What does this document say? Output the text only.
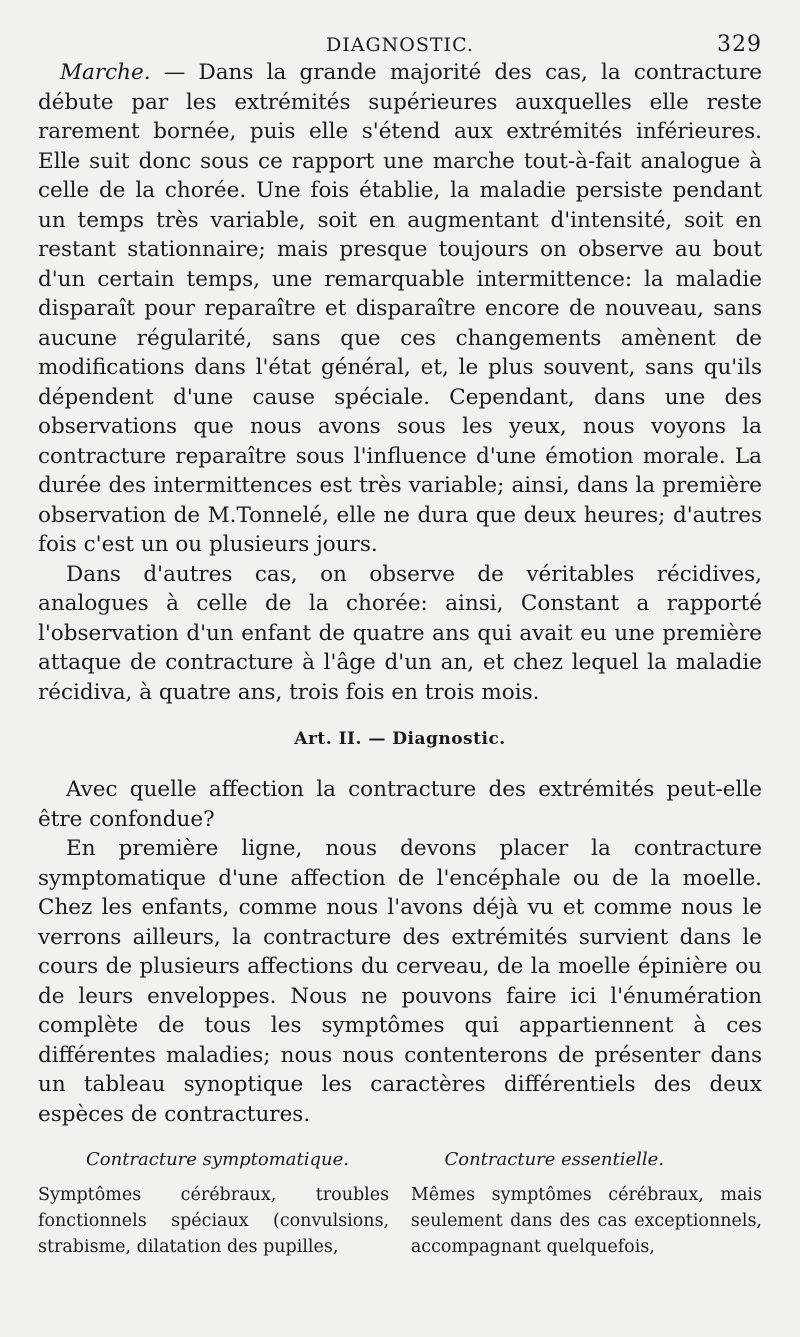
DIAGNOSTIC.	329

Marche. — Dans la grande majorité des cas, la contracture débute par les extrémités supérieures auxquelles elle reste rarement bornée, puis elle s'étend aux extrémités inférieures. Elle suit donc sous ce rapport une marche tout-à-fait analogue à celle de la chorée. Une fois établie, la maladie persiste pendant un temps très variable, soit en augmentant d'intensité, soit en restant stationnaire; mais presque toujours on observe au bout d'un certain temps, une remarquable intermittence: la maladie disparaît pour reparaître et disparaître encore de nouveau, sans aucune régularité, sans que ces changements amènent de modifications dans l'état général, et, le plus souvent, sans qu'ils dépendent d'une cause spéciale. Cependant, dans une des observations que nous avons sous les yeux, nous voyons la contracture reparaître sous l'influence d'une émotion morale. La durée des intermittences est très variable; ainsi, dans la première observation de M.Tonnelé, elle ne dura que deux heures; d'autres fois c'est un ou plusieurs jours.

Dans d'autres cas, on observe de véritables récidives, analogues à celle de la chorée: ainsi, Constant a rapporté l'observation d'un enfant de quatre ans qui avait eu une première attaque de contracture à l'âge d'un an, et chez lequel la maladie récidiva, à quatre ans, trois fois en trois mois.

Art. II. — Diagnostic.

Avec quelle affection la contracture des extrémités peut-elle être confondue?

En première ligne, nous devons placer la contracture symptomatique d'une affection de l'encéphale ou de la moelle. Chez les enfants, comme nous l'avons déjà vu et comme nous le verrons ailleurs, la contracture des extrémités survient dans le cours de plusieurs affections du cerveau, de la moelle épinière ou de leurs enveloppes. Nous ne pouvons faire ici l'énumération complète de tous les symptômes qui appartiennent à ces différentes maladies; nous nous contenterons de présenter dans un tableau synoptique les caractères différentiels des deux espèces de contractures.

Contracture symptomatique.	Contracture essentielle.
Symptômes cérébraux, troubles fonctionnels spéciaux (convulsions, strabisme, dilatation des pupilles,
Mêmes symptômes cérébraux, mais seulement dans des cas exceptionnels, accompagnant quelquefois,
